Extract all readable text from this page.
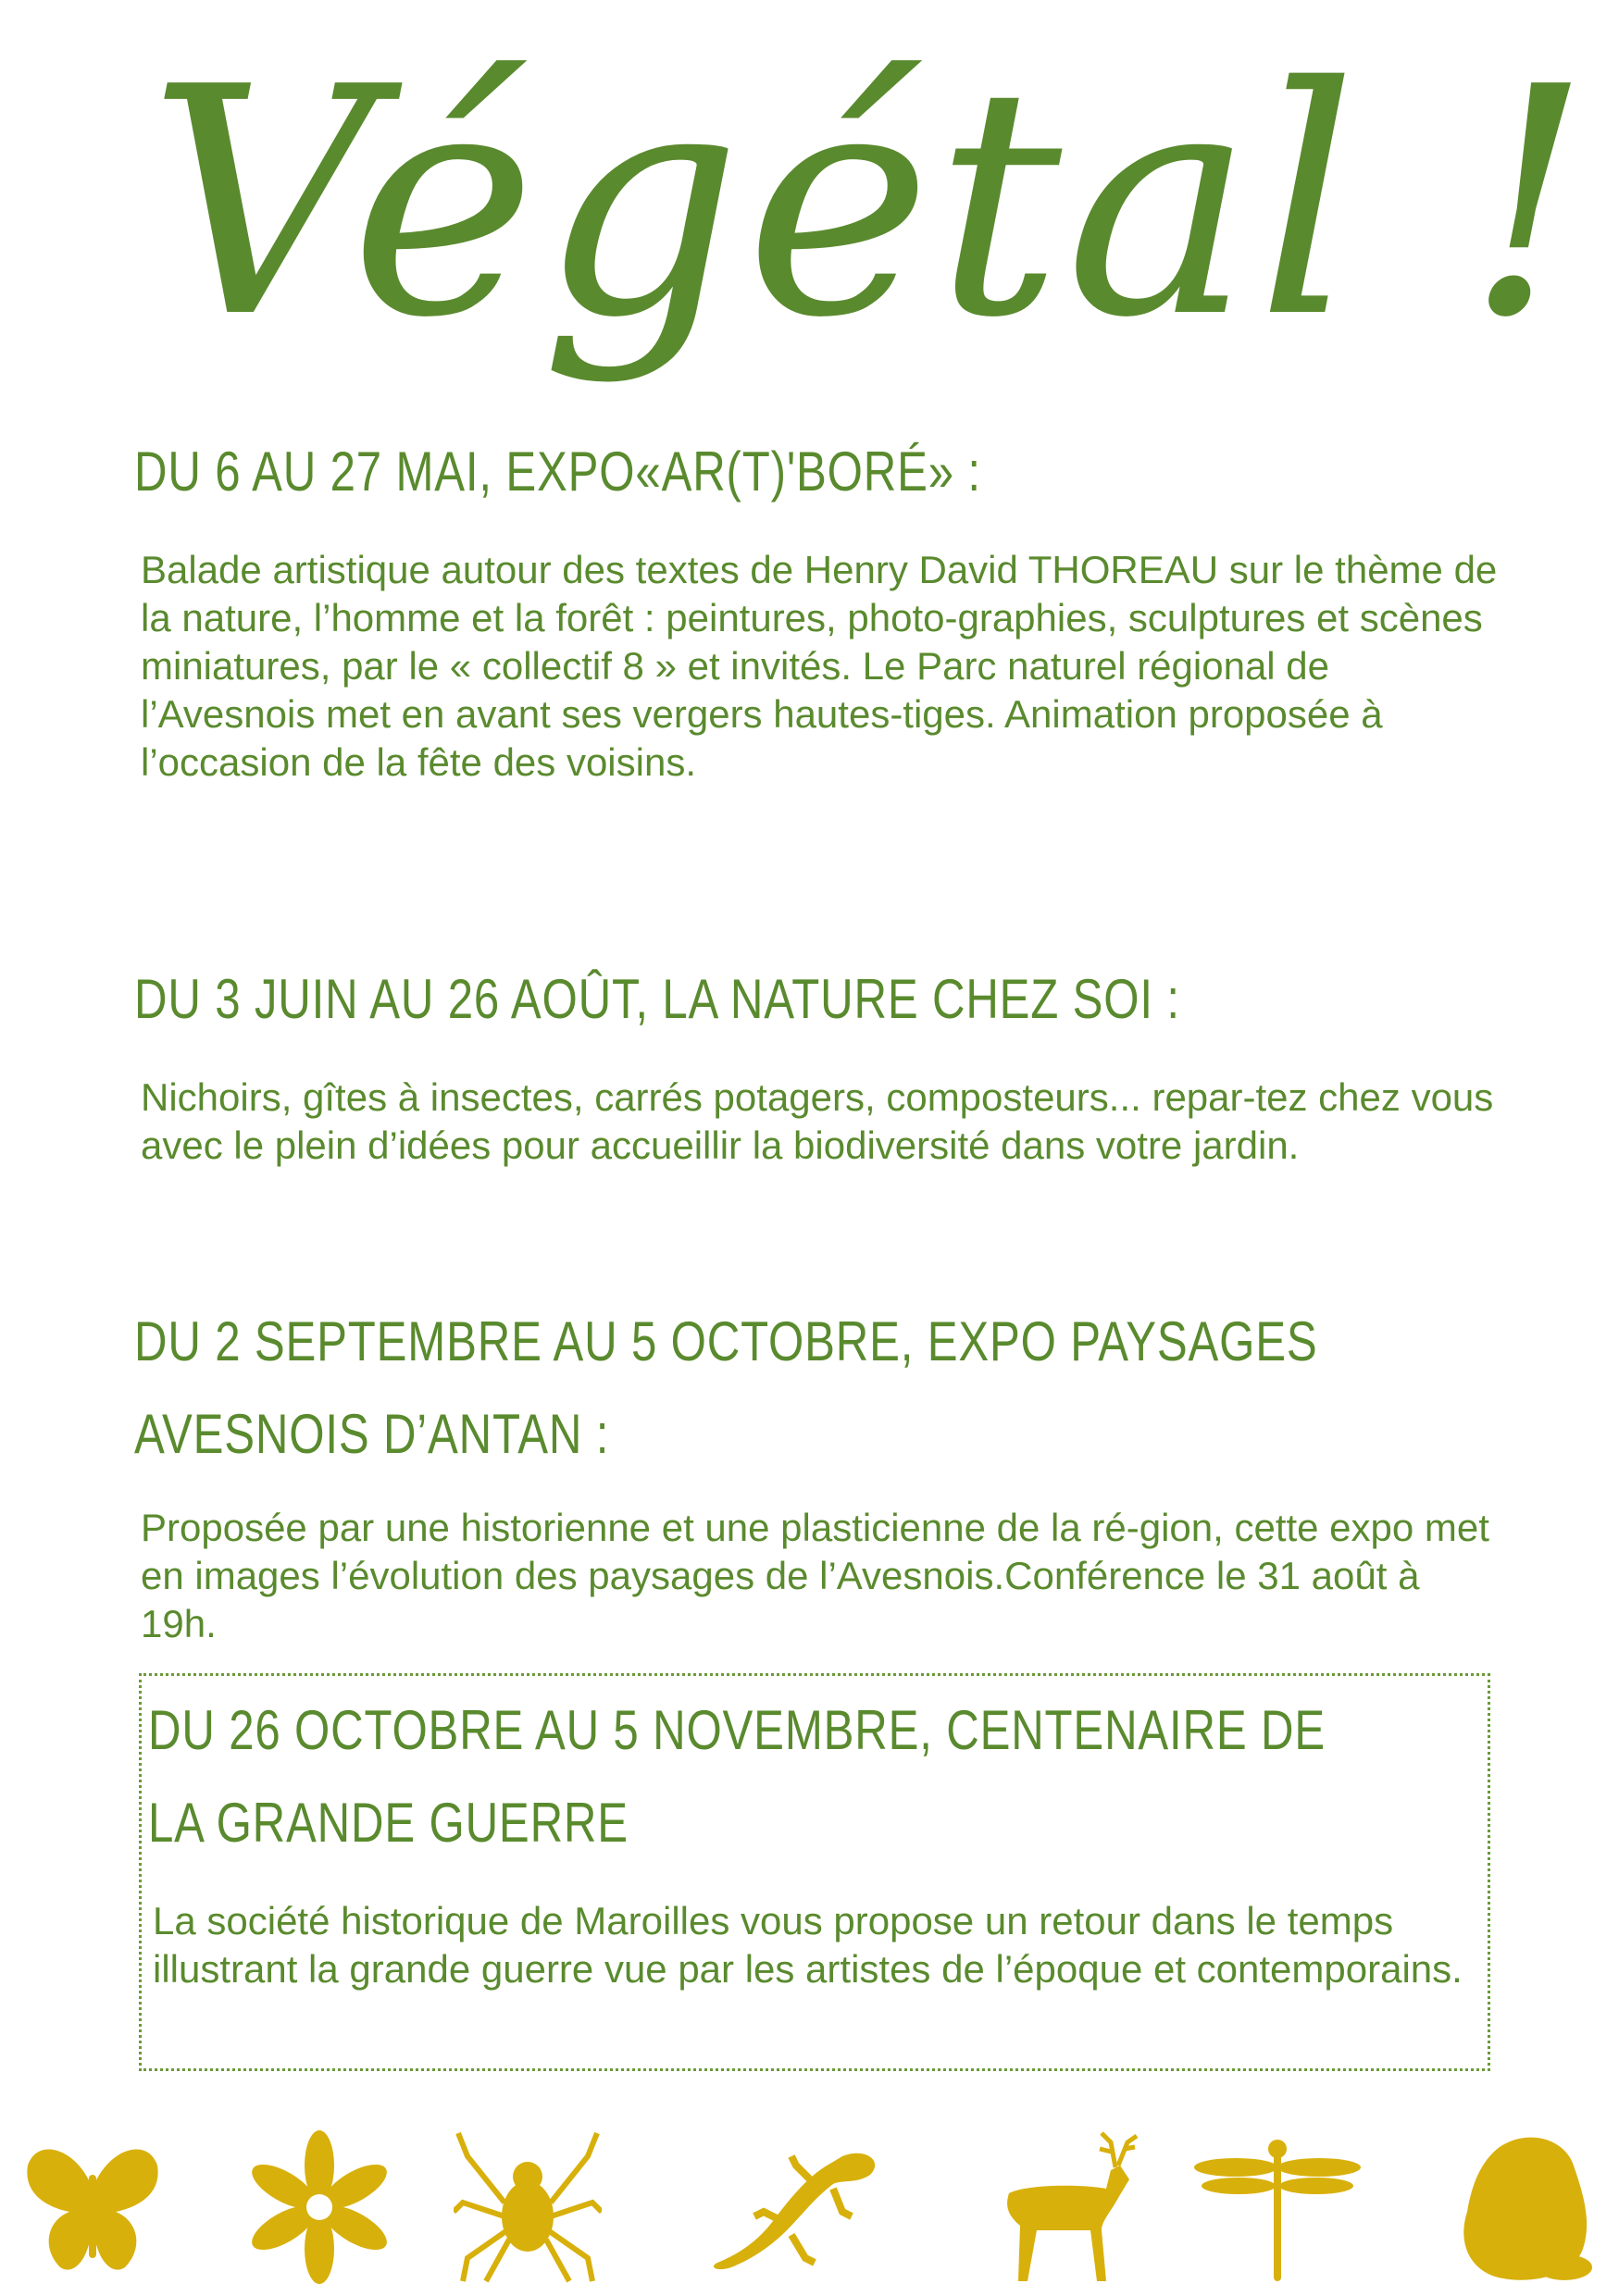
Végétal !
DU 6 AU 27 MAI, EXPO«AR(T)'BORÉ» :
Balade artistique autour des textes de Henry David THOREAU sur le thème de la nature, l’homme et la forêt : peintures, photo-graphies, sculptures et scènes miniatures, par le « collectif 8 » et invités. Le Parc naturel régional de l’Avesnois met en avant ses vergers hautes-tiges. Animation proposée à l’occasion de la fête des voisins.
DU 3 JUIN AU 26 AOÛT, LA NATURE CHEZ SOI :
Nichoirs, gîtes à insectes, carrés potagers, composteurs... repar-tez chez vous avec le plein d’idées pour accueillir la biodiversité dans votre jardin.
DU 2 SEPTEMBRE AU 5 OCTOBRE, EXPO PAYSAGES
AVESNOIS D’ANTAN :
Proposée par une historienne et une plasticienne de la ré-gion, cette expo met en images l’évolution des paysages de l’Avesnois.Conférence le 31 août à 19h.
DU 26 OCTOBRE AU 5 NOVEMBRE, CENTENAIRE DE
LA GRANDE GUERRE
La société historique de Maroilles vous propose un retour dans le temps illustrant la grande guerre vue par les artistes de l’époque et contemporains.
